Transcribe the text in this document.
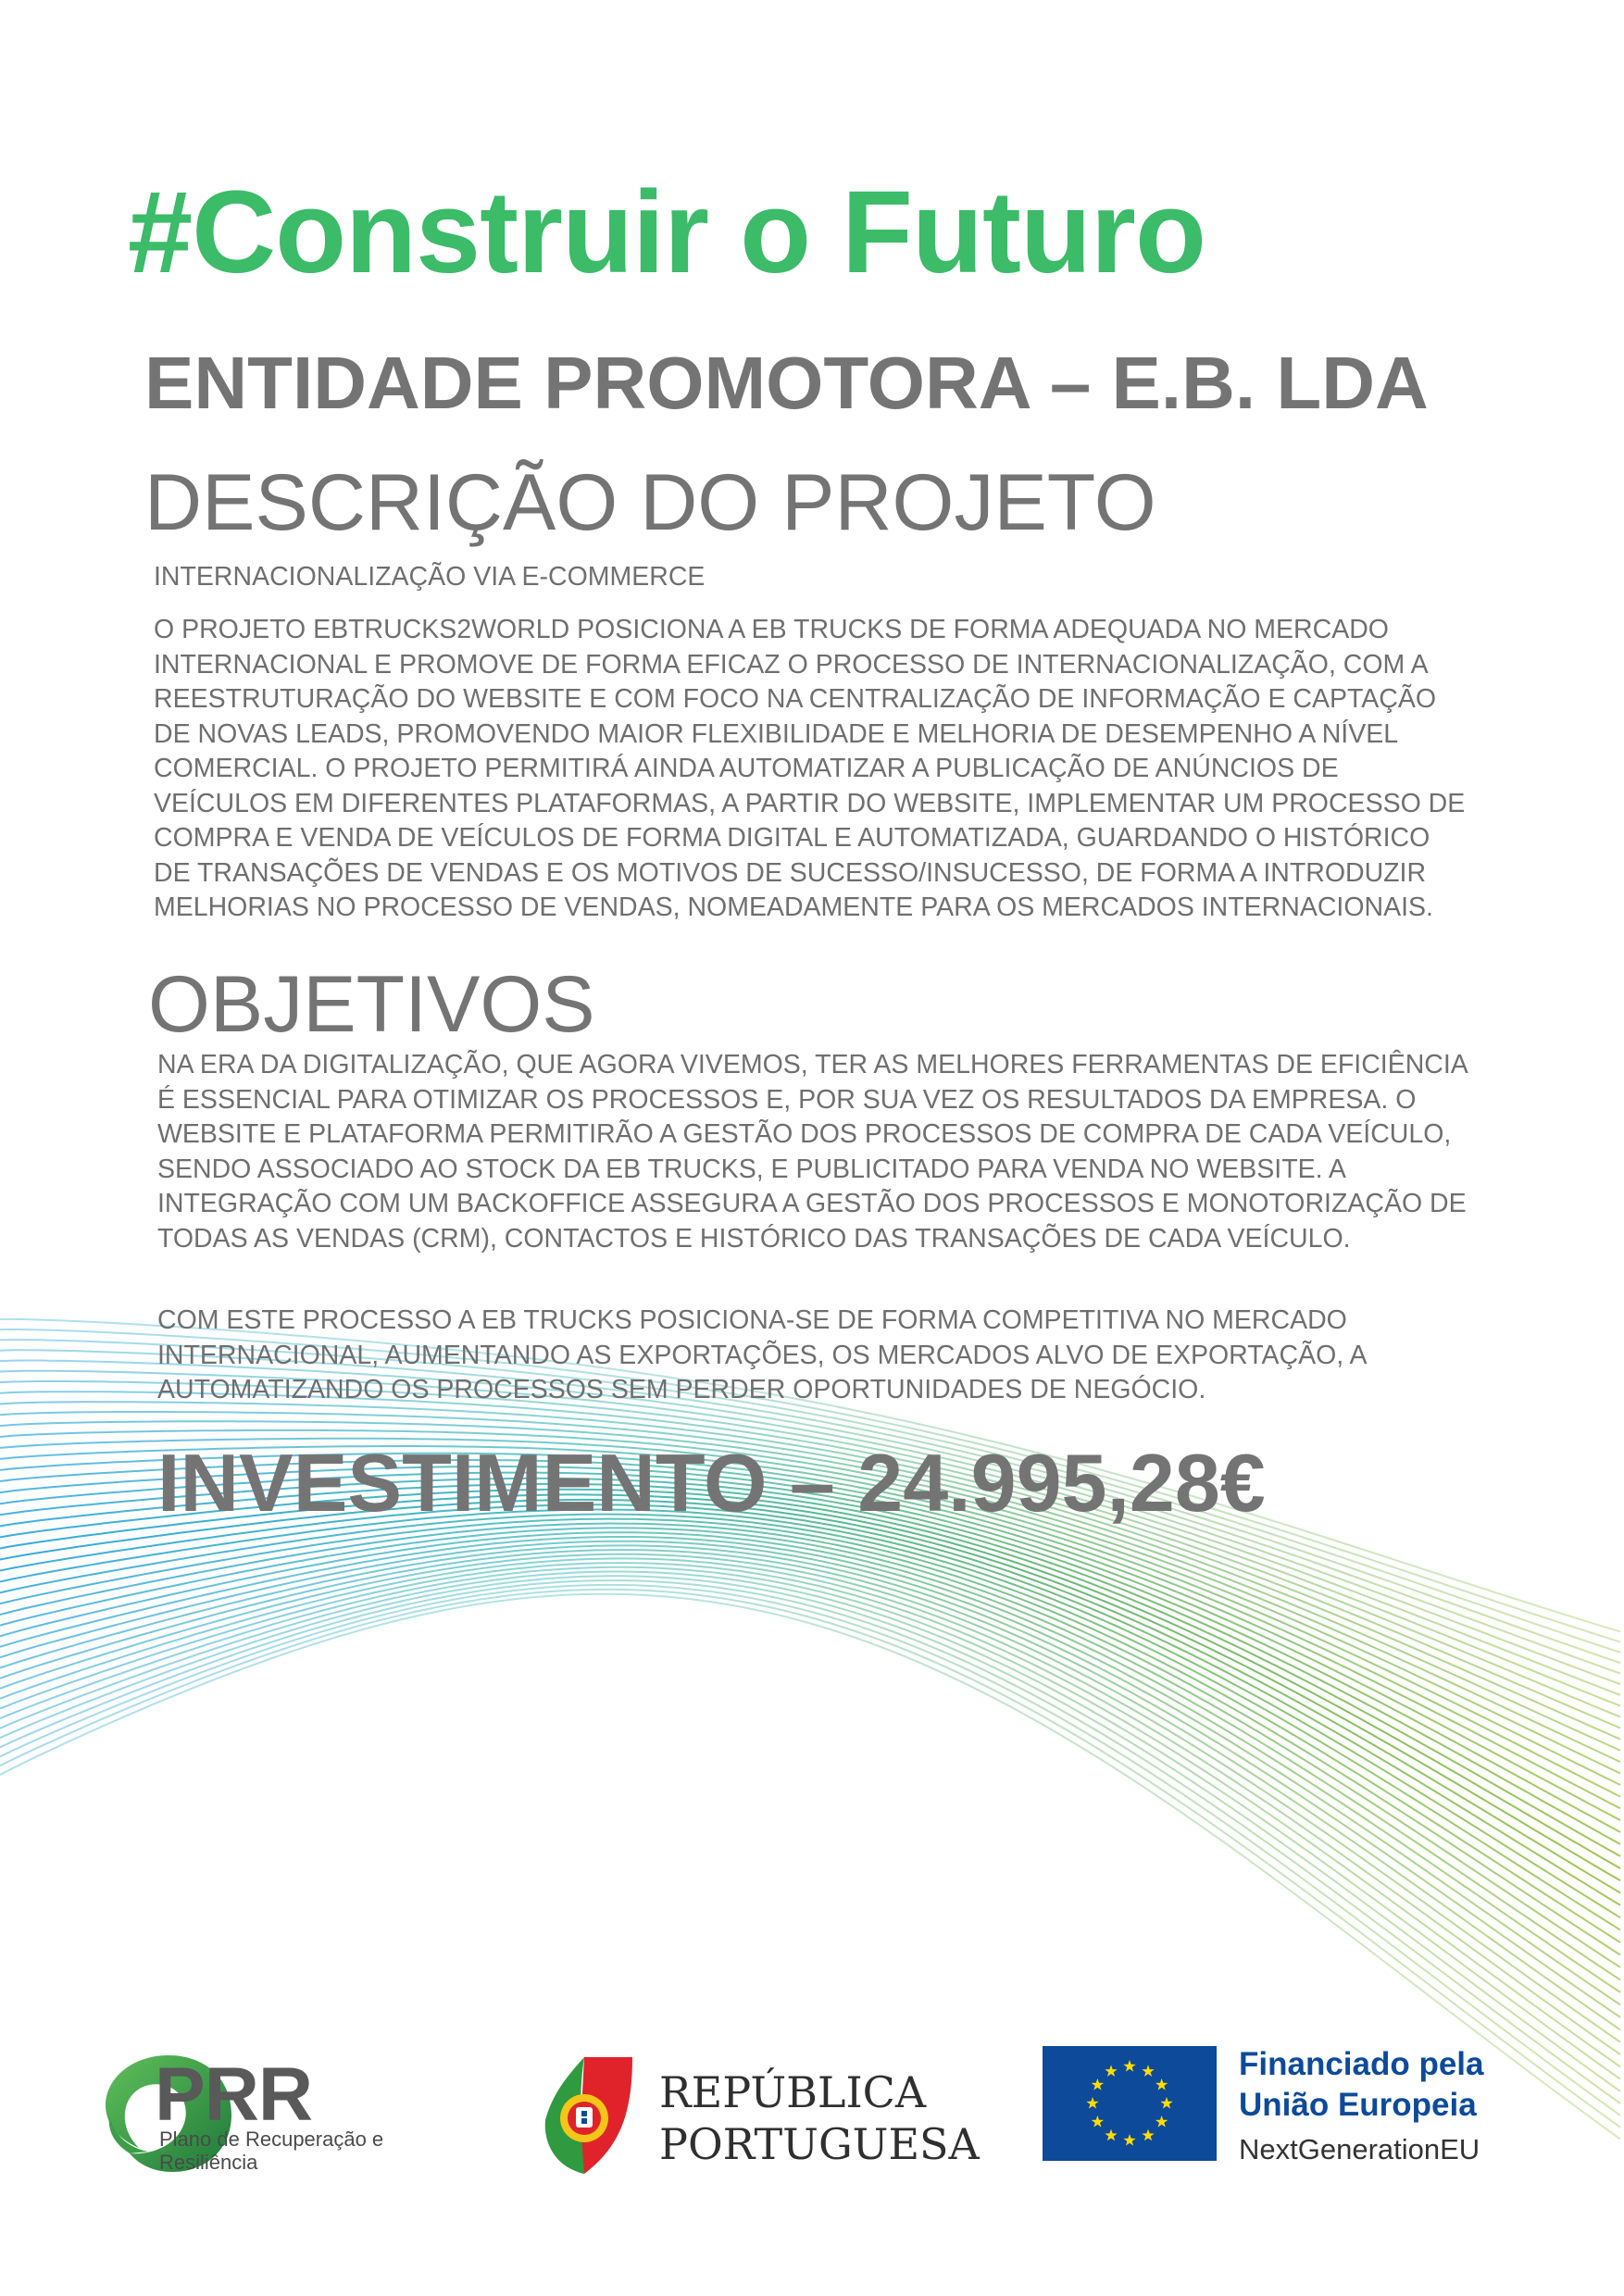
#Construir o Futuro
ENTIDADE PROMOTORA – E.B. LDA
DESCRIÇÃO DO PROJETO

INTERNACIONALIZAÇÃO VIA E-COMMERCE

O PROJETO EBTRUCKS2WORLD POSICIONA A EB TRUCKS DE FORMA ADEQUADA NO MERCADO INTERNACIONAL E PROMOVE DE FORMA EFICAZ O PROCESSO DE INTERNACIONALIZAÇÃO, COM A REESTRUTURAÇÃO DO WEBSITE E COM FOCO NA CENTRALIZAÇÃO DE INFORMAÇÃO E CAPTAÇÃO DE NOVAS LEADS, PROMOVENDO MAIOR FLEXIBILIDADE E MELHORIA DE DESEMPENHO A NÍVEL COMERCIAL. O PROJETO PERMITIRÁ AINDA AUTOMATIZAR A PUBLICAÇÃO DE ANÚNCIOS DE VEÍCULOS EM DIFERENTES PLATAFORMAS, A PARTIR DO WEBSITE, IMPLEMENTAR UM PROCESSO DE COMPRA E VENDA DE VEÍCULOS DE FORMA DIGITAL E AUTOMATIZADA, GUARDANDO O HISTÓRICO DE TRANSAÇÕES DE VENDAS E OS MOTIVOS DE SUCESSO/INSUCESSO, DE FORMA A INTRODUZIR MELHORIAS NO PROCESSO DE VENDAS, NOMEADAMENTE PARA OS MERCADOS INTERNACIONAIS.

OBJETIVOS

NA ERA DA DIGITALIZAÇÃO, QUE AGORA VIVEMOS, TER AS MELHORES FERRAMENTAS DE EFICIÊNCIA É ESSENCIAL PARA OTIMIZAR OS PROCESSOS E, POR SUA VEZ OS RESULTADOS DA EMPRESA. O WEBSITE E PLATAFORMA PERMITIRÃO A GESTÃO DOS PROCESSOS DE COMPRA DE CADA VEÍCULO, SENDO ASSOCIADO AO STOCK DA EB TRUCKS, E PUBLICITADO PARA VENDA NO WEBSITE. A INTEGRAÇÃO COM UM BACKOFFICE ASSEGURA A GESTÃO DOS PROCESSOS E MONOTORIZAÇÃO DE TODAS AS VENDAS (CRM), CONTACTOS E HISTÓRICO DAS TRANSAÇÕES DE CADA VEÍCULO.

COM ESTE PROCESSO A EB TRUCKS POSICIONA-SE DE FORMA COMPETITIVA NO MERCADO INTERNACIONAL, AUMENTANDO AS EXPORTAÇÕES, OS MERCADOS ALVO DE EXPORTAÇÃO, A AUTOMATIZANDO OS PROCESSOS SEM PERDER OPORTUNIDADES DE NEGÓCIO.

INVESTIMENTO – 24.995,28€
PRR
Plano de Recuperação e Resiliência
REPÚBLICA
PORTUGUESA
Financiado pela
União Europeia
NextGenerationEU
